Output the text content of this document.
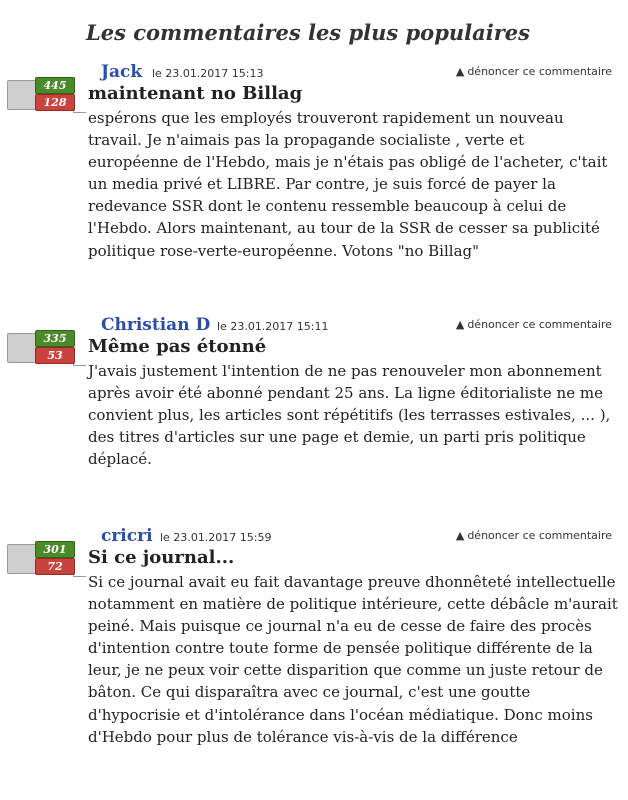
Les commentaires les plus populaires
445
128
Jack le 23.01.2017 15:13	▲ dénoncer ce commentaire
maintenant no Billag
espérons que les employés trouveront rapidement un nouveau travail. Je n'aimais pas la propagande socialiste , verte et européenne de l'Hebdo, mais je n'étais pas obligé de l'acheter, c'tait un media privé et LIBRE. Par contre, je suis forcé de payer la redevance SSR dont le contenu ressemble beaucoup à celui de l'Hebdo. Alors maintenant, au tour de la SSR de cesser sa publicité politique rose-verte-européenne. Votons "no Billag"
335
53
Christian D le 23.01.2017 15:11	▲ dénoncer ce commentaire
Même pas étonné
J'avais justement l'intention de ne pas renouveler mon abonnement après avoir été abonné pendant 25 ans. La ligne éditorialiste ne me convient plus, les articles sont répétitifs (les terrasses estivales, ... ), des titres d'articles sur une page et demie, un parti pris politique déplacé.
301
72
cricri le 23.01.2017 15:59	▲ dénoncer ce commentaire
Si ce journal...
Si ce journal avait eu fait davantage preuve dhonnêteté intellectuelle notamment en matière de politique intérieure, cette débâcle m'aurait peiné. Mais puisque ce journal n'a eu de cesse de faire des procès d'intention contre toute forme de pensée politique différente de la leur, je ne peux voir cette disparition que comme un juste retour de bâton. Ce qui disparaîtra avec ce journal, c'est une goutte d'hypocrisie et d'intolérance dans l'océan médiatique. Donc moins d'Hebdo pour plus de tolérance vis-à-vis de la différence
